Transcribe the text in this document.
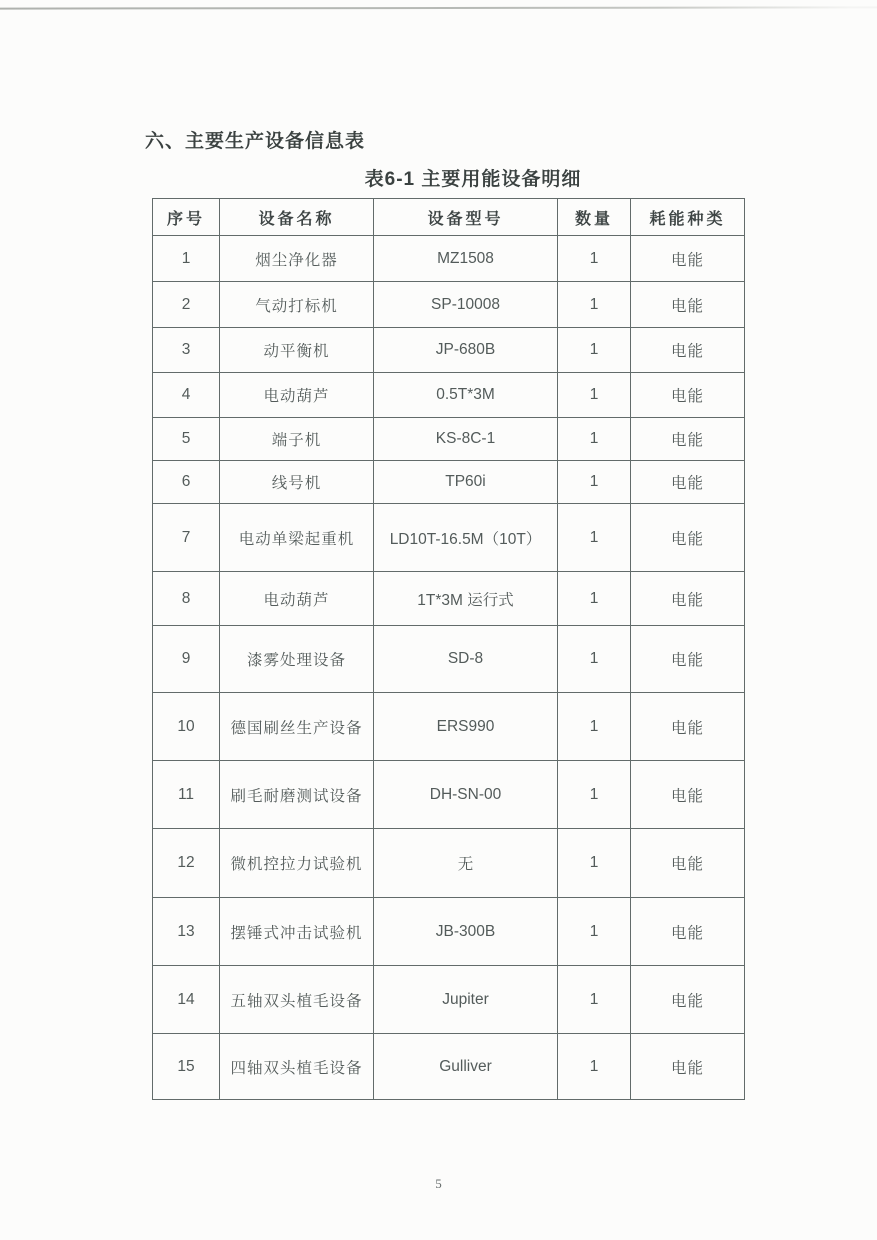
六、主要生产设备信息表
表6-1 主要用能设备明细
序号	设备名称	设备型号	数量	耗能种类
1	烟尘净化器	MZ1508	1	电能
2	气动打标机	SP-10008	1	电能
3	动平衡机	JP-680B	1	电能
4	电动葫芦	0.5T*3M	1	电能
5	端子机	KS-8C-1	1	电能
6	线号机	TP60i	1	电能
7	电动单梁起重机	LD10T-16.5M（10T）	1	电能
8	电动葫芦	1T*3M 运行式	1	电能
9	漆雾处理设备	SD-8	1	电能
10	德国刷丝生产设备	ERS990	1	电能
11	刷毛耐磨测试设备	DH-SN-00	1	电能
12	微机控拉力试验机	无	1	电能
13	摆锤式冲击试验机	JB-300B	1	电能
14	五轴双头植毛设备	Jupiter	1	电能
15	四轴双头植毛设备	Gulliver	1	电能
5
